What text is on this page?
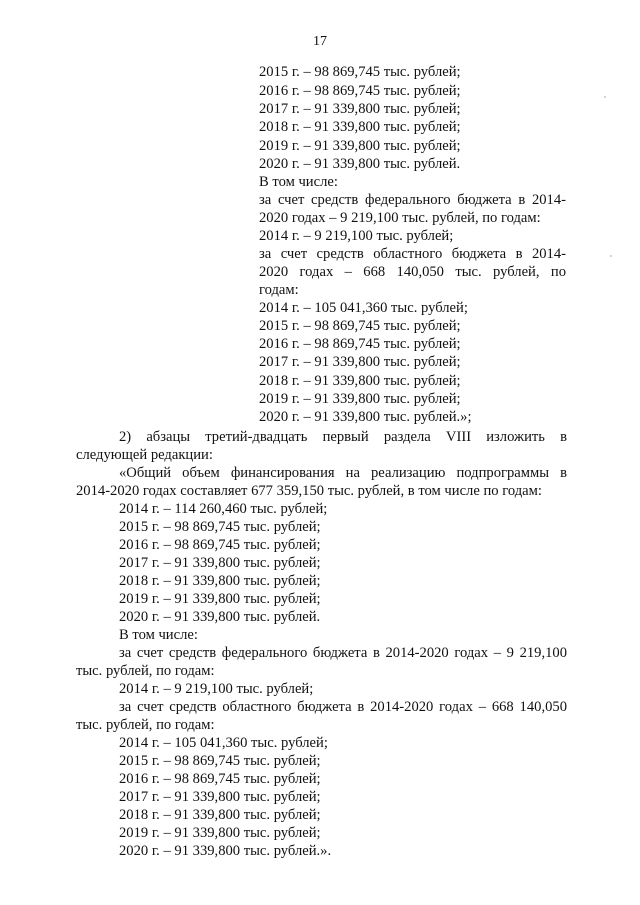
17
2015 г. – 98 869,745 тыс. рублей;
2016 г. – 98 869,745 тыс. рублей;
2017 г. – 91 339,800 тыс. рублей;
2018 г. – 91 339,800 тыс. рублей;
2019 г. – 91 339,800 тыс. рублей;
2020 г. – 91 339,800 тыс. рублей.
В том числе:
за счет средств федерального бюджета в 2014-
2020 годах – 9 219,100 тыс. рублей, по годам:
2014 г. – 9 219,100 тыс. рублей;
за счет средств областного бюджета в 2014-
2020 годах – 668 140,050 тыс. рублей, по
годам:
2014 г. – 105 041,360 тыс. рублей;
2015 г. – 98 869,745 тыс. рублей;
2016 г. – 98 869,745 тыс. рублей;
2017 г. – 91 339,800 тыс. рублей;
2018 г. – 91 339,800 тыс. рублей;
2019 г. – 91 339,800 тыс. рублей;
2020 г. – 91 339,800 тыс. рублей.»;
2) абзацы третий-двадцать первый раздела VIII изложить в
следующей редакции:
«Общий объем финансирования на реализацию подпрограммы в
2014-2020 годах составляет 677 359,150 тыс. рублей, в том числе по годам:
2014 г. – 114 260,460 тыс. рублей;
2015 г. – 98 869,745 тыс. рублей;
2016 г. – 98 869,745 тыс. рублей;
2017 г. – 91 339,800 тыс. рублей;
2018 г. – 91 339,800 тыс. рублей;
2019 г. – 91 339,800 тыс. рублей;
2020 г. – 91 339,800 тыс. рублей.
В том числе:
за счет средств федерального бюджета в 2014-2020 годах – 9 219,100
тыс. рублей, по годам:
2014 г. – 9 219,100 тыс. рублей;
за счет средств областного бюджета в 2014-2020 годах – 668 140,050
тыс. рублей, по годам:
2014 г. – 105 041,360 тыс. рублей;
2015 г. – 98 869,745 тыс. рублей;
2016 г. – 98 869,745 тыс. рублей;
2017 г. – 91 339,800 тыс. рублей;
2018 г. – 91 339,800 тыс. рублей;
2019 г. – 91 339,800 тыс. рублей;
2020 г. – 91 339,800 тыс. рублей.».
